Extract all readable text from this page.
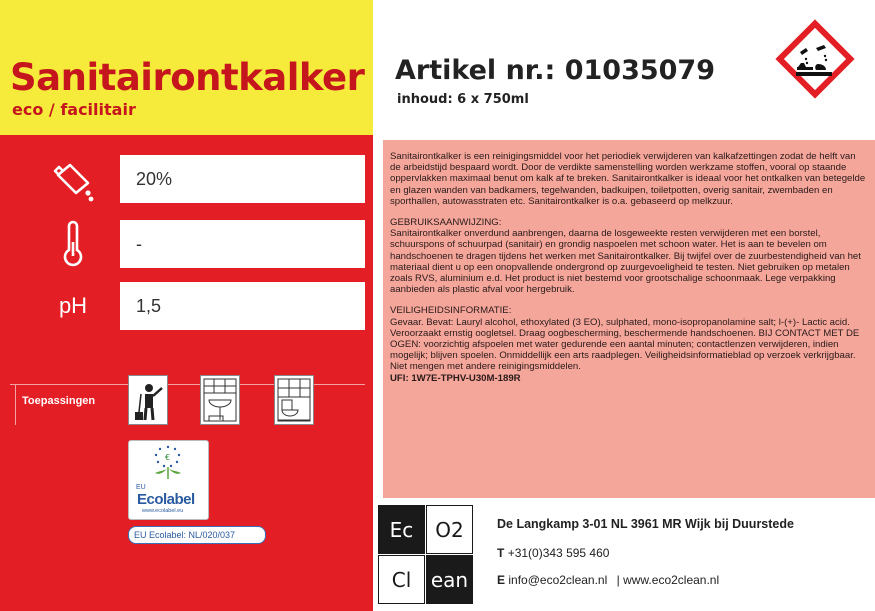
Sanitairontkalker
eco / facilitair
20%
-
pH	1,5
Toepassingen
€
EU
Ecolabel
www.ecolabel.eu
EU Ecolabel: NL/020/037
Artikel nr.: 01035079
inhoud: 6 x 750ml

Sanitairontkalker is een reinigingsmiddel voor het periodiek verwijderen van kalkafzettingen zodat de helft van de arbeidstijd bespaard wordt. Door de verdikte samenstelling worden werkzame stoffen, vooral op staande oppervlakken maximaal benut om kalk af te breken. Sanitairontkalker is ideaal voor het ontkalken van betegelde en glazen wanden van badkamers, tegelwanden, badkuipen, toiletpotten, overig sanitair, zwembaden en sporthallen, autowasstraten etc. Sanitairontkalker is o.a. gebaseerd op melkzuur.

GEBRUIKSAANWIJZING:

Sanitairontkalker onverdund aanbrengen, daarna de losgeweekte resten verwijderen met een borstel, schuurspons of schuurpad (sanitair) en grondig naspoelen met schoon water. Het is aan te bevelen om handschoenen te dragen tijdens het werken met Sanitairontkalker. Bij twijfel over de zuurbestendigheid van het materiaal dient u op een onopvallende ondergrond op zuurgevoeligheid te testen. Niet gebruiken op metalen zoals RVS, aluminium e.d. Het product is niet bestemd voor grootschalige schoonmaak. Lege verpakking aanbieden als plastic afval voor hergebruik.

VEILIGHEIDSINFORMATIE:

Gevaar. Bevat: Lauryl alcohol, ethoxylated (3 EO), sulphated, mono-isopropanolamine salt; l-(+)- Lactic acid. Veroorzaakt ernstig oogletsel. Draag oogbescherming, beschermende handschoenen. BIJ CONTACT MET DE OGEN: voorzichtig afspoelen met water gedurende een aantal minuten; contactlenzen verwijderen, indien mogelijk; blijven spoelen. Onmiddellijk een arts raadplegen. Veiligheidsinformatieblad op verzoek verkrijgbaar. Niet mengen met andere reinigingsmiddelen.

UFI: 1W7E-TPHV-U30M-189R

Ec	O2
Cl ean
De Langkamp 3-01 NL 3961 MR Wijk bij Duurstede
T +31(0)343 595 460
E info@eco2clean.nl | www.eco2clean.nl
